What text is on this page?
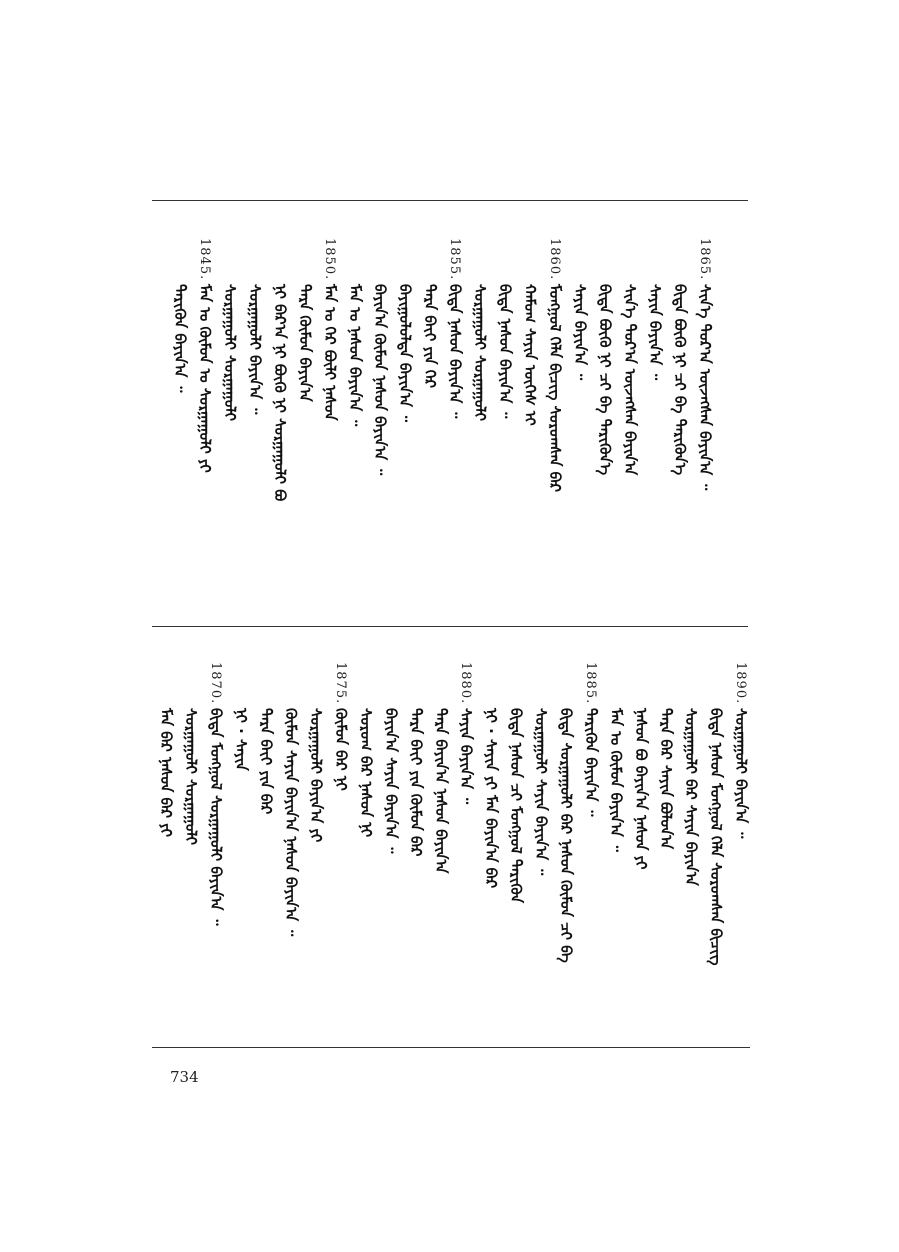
ᠲᠡᠷᠢᠭᠦᠨ ᠪᠠᠶᠢᠨ᠎ᠠ ᠃
1845.
ᠮᠠᠨ ᠤ ᠬᠦᠮᠦᠨ ᠤ ᠰᠤᠷᠭᠠᠭᠤᠯᠢ ᠶᠢ ᠰᠤᠷᠭᠠᠭᠤᠯᠢ ᠰᠤᠷᠭᠠᠭᠤᠯᠢ ᠰᠤᠷᠭᠠᠭᠤᠯᠢ ᠪᠠᠶᠢᠨ᠎ᠠ ᠃ ᠨᠢ ᠪᠠᠷ᠎ᠠ ᠨᠢ ᠪᠦᠬᠦ ᠨᠢ ᠰᠤᠷᠭᠠᠭᠤᠯᠢ ᠪᠣ ᠲᠡᠷᠡ ᠬᠦᠮᠦᠨ ᠪᠠᠶᠢᠨ᠎ᠠ
1850.
ᠮᠠᠨ ᠤ ᠭᠡᠷ ᠪᠦᠯᠢ ᠨᠠᠰᠤᠨ ᠮᠠᠨ ᠤ ᠨᠠᠰᠤᠨ ᠪᠠᠶᠢᠨ᠎ᠠ ᠃ ᠪᠠᠶᠢᠨ᠎ᠠ ᠬᠦᠮᠦᠨ ᠨᠠᠰᠤᠨ ᠪᠠᠶᠢᠨ᠎ᠠ ᠃ ᠪᠠᠶᠢᠭᠤᠯᠤᠯᠲᠠ ᠪᠠᠶᠢᠨ᠎ᠠ ᠃ ᠲᠡᠷᠡ ᠪᠠᠶ᠋ᠢ ᠶᠢᠨ ᠭᠡᠷ
1855.
ᠪᠢᠳᠡ ᠨᠠᠰᠤᠨ ᠪᠠᠶᠢᠨ᠎ᠠ ᠃ ᠰᠤᠷᠭᠠᠭᠤᠯᠢ ᠰᠤᠷᠭᠠᠭᠤᠯᠢ ᠪᠢᠳᠡ ᠨᠠᠰᠤᠨ ᠪᠠᠶᠢᠨ᠎ᠠ ᠃ ᠬᠠᠮᠤᠭ ᠰᠠᠶᠢᠨ ᠦᠭᠡᠰ ᠢ
1860.
ᠮᠣᠩᠭᠣᠯ ᠬᠡᠯᠡ ᠪᠢᠴᠢᠭ ᠰᠤᠷᠤᠭᠰᠠᠨ ᠪᠠᠷ ᠰᠠᠶᠢᠨ ᠪᠠᠶᠢᠨ᠎ᠠ ᠃ ᠪᠢᠳᠡ ᠪᠦᠬᠦ ᠨᠢ ᠴᠢ ᠪᠠ ᠲᠡᠷᠢᠭᠦᠨ᠎ᠡ ᠰᠢᠨ᠎ᠡ ᠳᠤᠷ᠎ᠠ ᠦᠵᠡᠭᠰᠡᠨ ᠪᠠᠶᠢᠨ᠎ᠠ ᠰᠠᠶᠢᠨ ᠪᠠᠶᠢᠨ᠎ᠠ ᠃ ᠪᠢᠳᠡ ᠪᠦᠬᠦ ᠨᠢ ᠴᠢ ᠪᠠ ᠲᠡᠷᠢᠭᠦᠨ᠎ᠡ
1865.
ᠰᠢᠨ᠎ᠡ ᠳᠤᠷ᠎ᠠ ᠦᠵᠡᠭᠰᠡᠨ ᠪᠠᠶᠢᠨ᠎ᠠ ᠃
ᠮᠠᠨ ᠪᠠᠷ ᠨᠠᠰᠤᠨ ᠪᠠᠷ ᠶᠢ ᠰᠤᠷᠭᠠᠭᠤᠯᠢ ᠰᠤᠷᠭᠠᠭᠤᠯᠢ
1870.
ᠪᠢᠳᠡ ᠮᠣᠩᠭᠣᠯ ᠰᠤᠷᠭᠠᠭᠤᠯᠢ ᠪᠠᠶᠢᠨ᠎ᠠ ᠃ ᠨᠢ · ᠰᠠᠶᠢᠨ ᠲᠡᠷᠡ ᠪᠠᠶ᠋ᠢ ᠶᠢᠨ ᠪᠠᠷ ᠬᠦᠮᠦᠨ ᠰᠠᠶᠢᠨ ᠪᠠᠶᠢᠨ᠎ᠠ ᠨᠠᠰᠤᠨ ᠪᠠᠶᠢᠨ᠎ᠠ ᠃ ᠰᠤᠷᠭᠠᠭᠤᠯᠢ ᠪᠠᠶᠢᠨ᠎ᠠ ᠶᠢ
1875.
ᠬᠦᠮᠦᠨ ᠪᠠᠷ ᠨᠢ ᠰᠤᠷᠤᠭ ᠪᠠᠷ ᠨᠠᠰᠤᠨ ᠨᠢ ᠪᠠᠶᠢᠨ᠎ᠠ ᠰᠠᠶᠢᠨ ᠪᠠᠶᠢᠨ᠎ᠠ ᠃ ᠲᠡᠷᠡ ᠪᠠᠶ᠋ᠢ ᠶᠢᠨ ᠬᠦᠮᠦᠨ ᠪᠠᠷ ᠲᠡᠷᠡ ᠪᠠᠶᠢᠨ᠎ᠠ ᠨᠠᠰᠤᠨ ᠪᠠᠶᠢᠨ᠎ᠠ
1880.
ᠰᠠᠶᠢᠨ ᠪᠠᠶᠢᠨ᠎ᠠ ᠃ ᠨᠢ · ᠰᠠᠶᠢᠨ ᠶᠢ ᠮᠠᠨ ᠪᠠᠶᠢᠨ᠎ᠠ ᠪᠠᠷ ᠪᠢᠳᠡ ᠨᠠᠰᠤᠨ ᠴᠢ ᠮᠣᠩᠭᠣᠯ ᠲᠡᠷᠢᠭᠦᠨ ᠰᠤᠷᠭᠠᠭᠤᠯᠢ ᠰᠠᠶᠢᠨ ᠪᠠᠶᠢᠨ᠎ᠠ ᠃ ᠪᠢᠳᠡ ᠰᠤᠷᠭᠠᠭᠤᠯᠢ ᠪᠠᠷ ᠨᠠᠰᠤᠨ ᠬᠦᠮᠦᠨ ᠴᠢ ᠪᠠ
1885.
ᠲᠡᠷᠢᠭᠦᠨ ᠪᠠᠶᠢᠨ᠎ᠠ ᠃ ᠮᠠᠨ ᠤ ᠬᠦᠮᠦᠨ ᠪᠠᠶᠢᠨ᠎ᠠ ᠃ ᠨᠠᠰᠤᠨ ᠪᠣ ᠪᠠᠶᠢᠨ᠎ᠠ ᠨᠠᠰᠤᠨ ᠶᠢ ᠲᠡᠷᠡ ᠪᠠᠷ ᠰᠠᠶᠢᠨ ᠪᠣᠯᠤᠨ᠎ᠠ ᠰᠤᠷᠭᠠᠭᠤᠯᠢ ᠪᠠᠷ ᠰᠠᠶᠢᠨ ᠪᠠᠶᠢᠨ᠎ᠠ ᠪᠢᠳᠡ ᠨᠠᠰᠤᠨ ᠮᠣᠩᠭᠣᠯ ᠬᠡᠯᠡ ᠰᠤᠷᠤᠭᠰᠠᠨ ᠪᠢᠴᠢᠭ
1890.
ᠰᠤᠷᠭᠠᠭᠤᠯᠢ ᠪᠠᠶᠢᠨ᠎ᠠ ᠃
734
